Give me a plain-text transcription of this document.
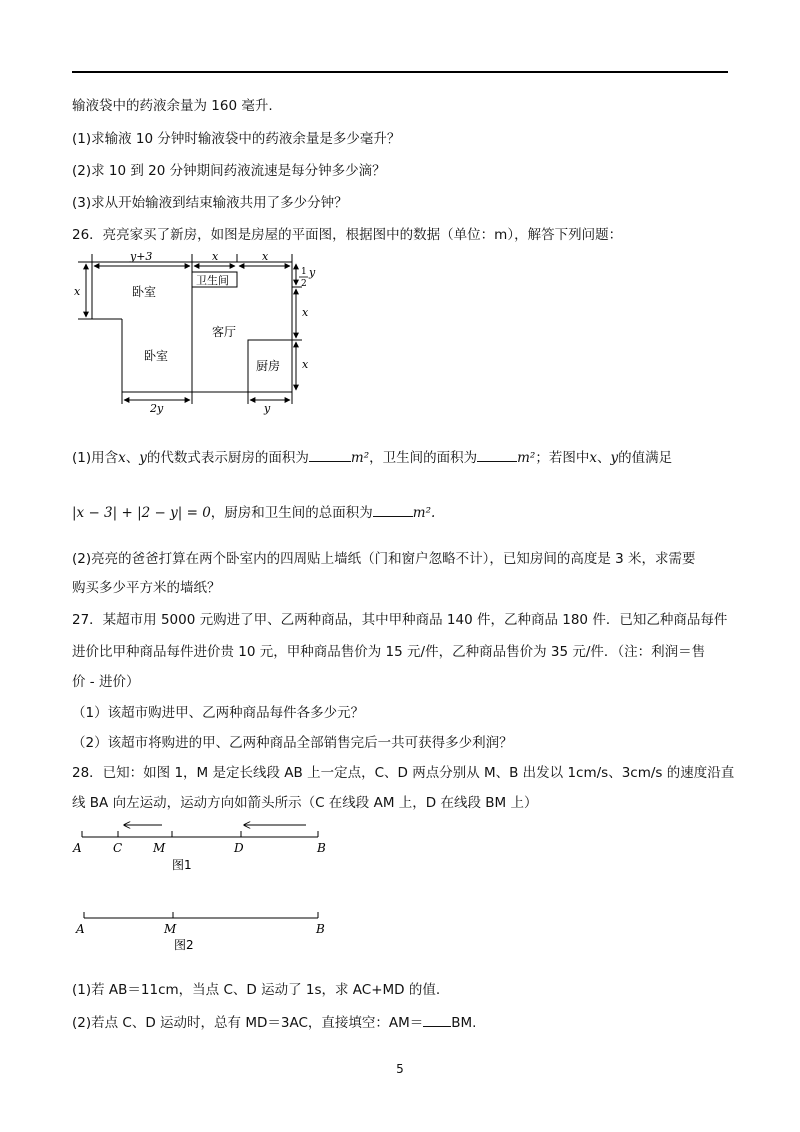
输液袋中的药液余量为 160 毫升.
(1)求输液 10 分钟时输液袋中的药液余量是多少毫升？
(2)求 10 到 20 分钟期间药液流速是每分钟多少滴？
(3)求从开始输液到结束输液共用了多少分钟？
26．亮亮家买了新房，如图是房屋的平面图，根据图中的数据（单位：m），解答下列问题：
y+3	x	x
x
x
x
2y	y
y
1
2
卧室
卧室
卫生间
客厅
厨房
(1)用含x、y的代数式表示厨房的面积为	m²，卫生间的面积为	m²；若图中x、y的值满足
|x − 3| + |2 − y| = 0，厨房和卫生间的总面积为	m².
(2)亮亮的爸爸打算在两个卧室内的四周贴上墙纸（门和窗户忽略不计），已知房间的高度是 3 米，求需要
购买多少平方米的墙纸？
27．某超市用 5000 元购进了甲、乙两种商品，其中甲种商品 140 件，乙种商品 180 件．已知乙种商品每件
进价比甲种商品每件进价贵 10 元，甲种商品售价为 15 元/件，乙种商品售价为 35 元/件．（注：利润＝售
价 - 进价）
（1）该超市购进甲、乙两种商品每件各多少元？
（2）该超市将购进的甲、乙两种商品全部销售完后一共可获得多少利润？
28．已知：如图 1，M 是定长线段 AB 上一定点，C、D 两点分别从 M、B 出发以 1cm/s、3cm/s 的速度沿直
线 BA 向左运动，运动方向如箭头所示（C 在线段 AM 上，D 在线段 BM 上）
A	C	M	D	B
图1
A	M	B
图2
(1)若 AB＝11cm，当点 C、D 运动了 1s，求 AC+MD 的值.
(2)若点 C、D 运动时，总有 MD＝3AC，直接填空：AM＝ BM.
5
